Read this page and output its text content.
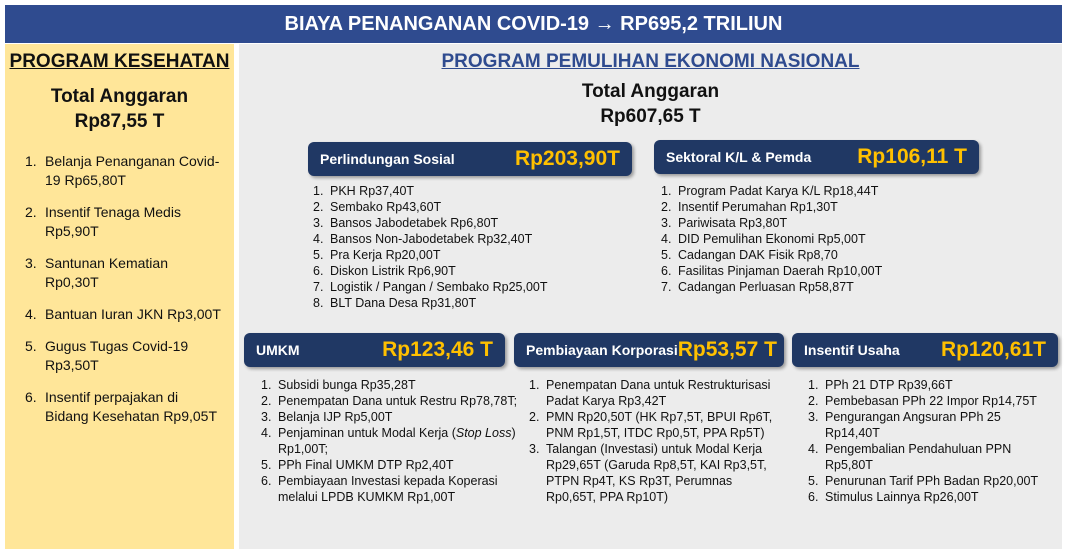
BIAYA PENANGANAN COVID-19 → RP695,2 TRILIUN
PROGRAM KESEHATAN
Total Anggaran
Rp87,55 T
1. Belanja Penanganan Covid-19 Rp65,80T
2. Insentif Tenaga Medis Rp5,90T
3. Santunan Kematian Rp0,30T
4. Bantuan Iuran JKN Rp3,00T
5. Gugus Tugas Covid-19 Rp3,50T
6. Insentif perpajakan di Bidang Kesehatan Rp9,05T
PROGRAM PEMULIHAN EKONOMI NASIONAL
Total Anggaran
Rp607,65 T
Perlindungan Sosial	Rp203,90T
1. PKH Rp37,40T
2. Sembako Rp43,60T
3. Bansos Jabodetabek Rp6,80T
4. Bansos Non-Jabodetabek Rp32,40T
5. Pra Kerja Rp20,00T
6. Diskon Listrik Rp6,90T
7. Logistik / Pangan / Sembako Rp25,00T
8. BLT Dana Desa Rp31,80T
Sektoral K/L & Pemda Rp106,11 T
1. Program Padat Karya K/L Rp18,44T
2. Insentif Perumahan Rp1,30T
3. Pariwisata Rp3,80T
4. DID Pemulihan Ekonomi Rp5,00T
5. Cadangan DAK Fisik Rp8,70
6. Fasilitas Pinjaman Daerah Rp10,00T
7. Cadangan Perluasan Rp58,87T
UMKM	Rp123,46 T
1. Subsidi bunga Rp35,28T
2. Penempatan Dana untuk Restru Rp78,78T;
3. Belanja IJP Rp5,00T
4. Penjaminan untuk Modal Kerja (Stop Loss) Rp1,00T;
5. PPh Final UMKM DTP Rp2,40T
6. Pembiayaan Investasi kepada Koperasi melalui LPDB KUMKM Rp1,00T
Pembiayaan Korporasi Rp53,57 T
1. Penempatan Dana untuk Restrukturisasi Padat Karya Rp3,42T
2. PMN Rp20,50T (HK Rp7,5T, BPUI Rp6T, PNM Rp1,5T, ITDC Rp0,5T, PPA Rp5T)
3. Talangan (Investasi) untuk Modal Kerja Rp29,65T (Garuda Rp8,5T, KAI Rp3,5T, PTPN Rp4T, KS Rp3T, Perumnas Rp0,65T, PPA Rp10T)
Insentif Usaha Rp120,61T
1. PPh 21 DTP Rp39,66T
2. Pembebasan PPh 22 Impor Rp14,75T
3. Pengurangan Angsuran PPh 25 Rp14,40T
4. Pengembalian Pendahuluan PPN Rp5,80T
5. Penurunan Tarif PPh Badan Rp20,00T
6. Stimulus Lainnya Rp26,00T
